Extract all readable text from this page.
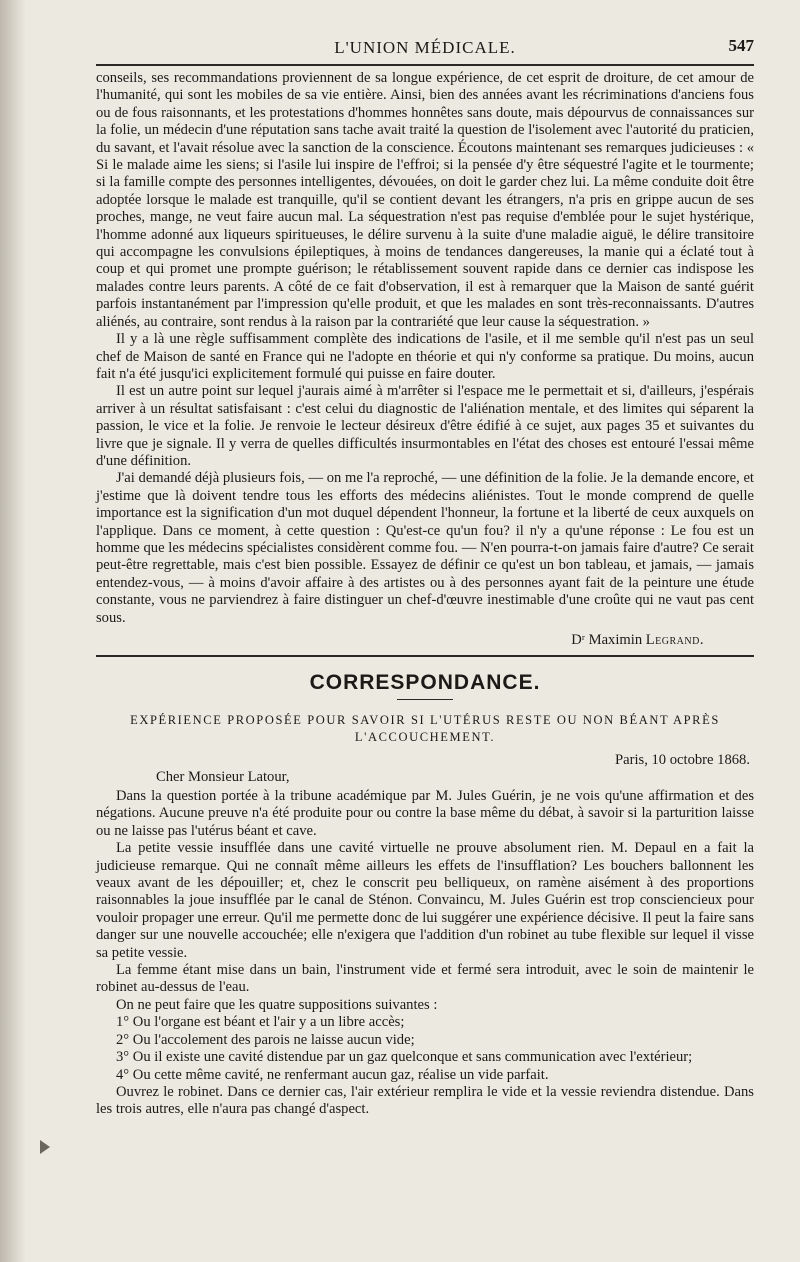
L'UNION MÉDICALE.	547

conseils, ses recommandations proviennent de sa longue expérience, de cet esprit de droiture, de cet amour de l'humanité, qui sont les mobiles de sa vie entière. Ainsi, bien des années avant les récriminations d'anciens fous ou de fous raisonnants, et les protestations d'hommes honnêtes sans doute, mais dépourvus de connaissances sur la folie, un médecin d'une réputation sans tache avait traité la question de l'isolement avec l'autorité du praticien, du savant, et l'avait résolue avec la sanction de la conscience. Écoutons maintenant ses remarques judicieuses : « Si le malade aime les siens; si l'asile lui inspire de l'effroi; si la pensée d'y être séquestré l'agite et le tourmente; si la famille compte des personnes intelligentes, dévouées, on doit le garder chez lui. La même conduite doit être adoptée lorsque le malade est tranquille, qu'il se contient devant les étrangers, n'a pris en grippe aucun de ses proches, mange, ne veut faire aucun mal. La séquestration n'est pas requise d'emblée pour le sujet hystérique, l'homme adonné aux liqueurs spiritueuses, le délire survenu à la suite d'une maladie aiguë, le délire transitoire qui accompagne les convulsions épileptiques, à moins de tendances dangereuses, la manie qui a éclaté tout à coup et qui promet une prompte guérison; le rétablissement souvent rapide dans ce dernier cas indispose les malades contre leurs parents. A côté de ce fait d'observation, il est à remarquer que la Maison de santé guérit parfois instantanément par l'impression qu'elle produit, et que les malades en sont très-reconnaissants. D'autres aliénés, au contraire, sont rendus à la raison par la contrariété que leur cause la séquestration. »

Il y a là une règle suffisamment complète des indications de l'asile, et il me semble qu'il n'est pas un seul chef de Maison de santé en France qui ne l'adopte en théorie et qui n'y conforme sa pratique. Du moins, aucun fait n'a été jusqu'ici explicitement formulé qui puisse en faire douter.

Il est un autre point sur lequel j'aurais aimé à m'arrêter si l'espace me le permettait et si, d'ailleurs, j'espérais arriver à un résultat satisfaisant : c'est celui du diagnostic de l'aliénation mentale, et des limites qui séparent la passion, le vice et la folie. Je renvoie le lecteur désireux d'être édifié à ce sujet, aux pages 35 et suivantes du livre que je signale. Il y verra de quelles difficultés insurmontables en l'état des choses est entouré l'essai même d'une définition.

J'ai demandé déjà plusieurs fois, — on me l'a reproché, — une définition de la folie. Je la demande encore, et j'estime que là doivent tendre tous les efforts des médecins aliénistes. Tout le monde comprend de quelle importance est la signification d'un mot duquel dépendent l'honneur, la fortune et la liberté de ceux auxquels on l'applique. Dans ce moment, à cette question : Qu'est-ce qu'un fou? il n'y a qu'une réponse : Le fou est un homme que les médecins spécialistes considèrent comme fou. — N'en pourra-t-on jamais faire d'autre? Ce serait peut-être regrettable, mais c'est bien possible. Essayez de définir ce qu'est un bon tableau, et jamais, — jamais entendez-vous, — à moins d'avoir affaire à des artistes ou à des personnes ayant fait de la peinture une étude constante, vous ne parviendrez à faire distinguer un chef-d'œuvre inestimable d'une croûte qui ne vaut pas cent sous.

Dʳ Maximin Legrand.
CORRESPONDANCE.
EXPÉRIENCE PROPOSÉE POUR SAVOIR SI L'UTÉRUS RESTE OU NON BÉANT APRÈS L'ACCOUCHEMENT.
Paris, 10 octobre 1868.
Cher Monsieur Latour,

Dans la question portée à la tribune académique par M. Jules Guérin, je ne vois qu'une affirmation et des négations. Aucune preuve n'a été produite pour ou contre la base même du débat, à savoir si la parturition laisse ou ne laisse pas l'utérus béant et cave.

La petite vessie insufflée dans une cavité virtuelle ne prouve absolument rien. M. Depaul en a fait la judicieuse remarque. Qui ne connaît même ailleurs les effets de l'insufflation? Les bouchers ballonnent les veaux avant de les dépouiller; et, chez le conscrit peu belliqueux, on ramène aisément à des proportions raisonnables la joue insufflée par le canal de Sténon. Convaincu, M. Jules Guérin est trop consciencieux pour vouloir propager une erreur. Qu'il me permette donc de lui suggérer une expérience décisive. Il peut la faire sans danger sur une nouvelle accouchée; elle n'exigera que l'addition d'un robinet au tube flexible sur lequel il visse sa petite vessie.

La femme étant mise dans un bain, l'instrument vide et fermé sera introduit, avec le soin de maintenir le robinet au-dessus de l'eau.

On ne peut faire que les quatre suppositions suivantes :

1° Ou l'organe est béant et l'air y a un libre accès;

2° Ou l'accolement des parois ne laisse aucun vide;

3° Ou il existe une cavité distendue par un gaz quelconque et sans communication avec l'extérieur;

4° Ou cette même cavité, ne renfermant aucun gaz, réalise un vide parfait.

Ouvrez le robinet. Dans ce dernier cas, l'air extérieur remplira le vide et la vessie reviendra distendue. Dans les trois autres, elle n'aura pas changé d'aspect.
